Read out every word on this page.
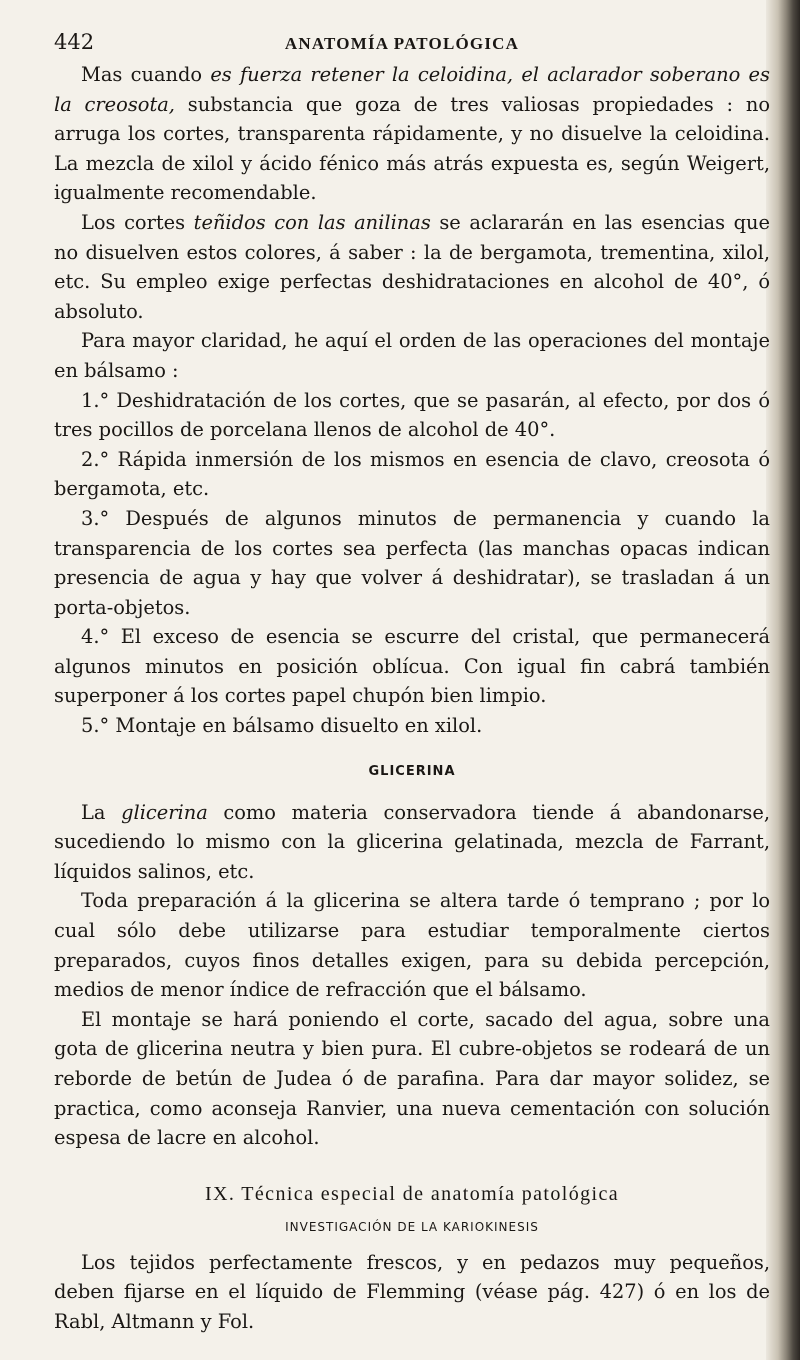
442	ANATOMÍA PATOLÓGICA

Mas cuando es fuerza retener la celoidina, el aclarador soberano es la creosota, substancia que goza de tres valiosas propiedades : no arruga los cortes, transparenta rápidamente, y no disuelve la celoidina. La mezcla de xilol y ácido fénico más atrás expuesta es, según Weigert, igualmente recomendable.

Los cortes teñidos con las anilinas se aclararán en las esencias que no disuelven estos colores, á saber : la de bergamota, trementina, xilol, etc. Su empleo exige perfectas deshidrataciones en alcohol de 40°, ó absoluto.

Para mayor claridad, he aquí el orden de las operaciones del montaje en bálsamo :

1.° Deshidratación de los cortes, que se pasarán, al efecto, por dos ó tres pocillos de porcelana llenos de alcohol de 40°.

2.° Rápida inmersión de los mismos en esencia de clavo, creosota ó bergamota, etc.

3.° Después de algunos minutos de permanencia y cuando la transparencia de los cortes sea perfecta (las manchas opacas indican presencia de agua y hay que volver á deshidratar), se trasladan á un porta-objetos.

4.° El exceso de esencia se escurre del cristal, que permanecerá algunos minutos en posición oblícua. Con igual fin cabrá también superponer á los cortes papel chupón bien limpio.

5.° Montaje en bálsamo disuelto en xilol.

GLICERINA

La glicerina como materia conservadora tiende á abandonarse, sucediendo lo mismo con la glicerina gelatinada, mezcla de Farrant, líquidos salinos, etc.

Toda preparación á la glicerina se altera tarde ó temprano ; por lo cual sólo debe utilizarse para estudiar temporalmente ciertos preparados, cuyos finos detalles exigen, para su debida percepción, medios de menor índice de refracción que el bálsamo.

El montaje se hará poniendo el corte, sacado del agua, sobre una gota de glicerina neutra y bien pura. El cubre-objetos se rodeará de un reborde de betún de Judea ó de parafina. Para dar mayor solidez, se practica, como aconseja Ranvier, una nueva cementación con solución espesa de lacre en alcohol.

IX. Técnica especial de anatomía patológica
INVESTIGACIÓN DE LA KARIOKINESIS

Los tejidos perfectamente frescos, y en pedazos muy pequeños, deben fijarse en el líquido de Flemming (véase pág. 427) ó en los de Rabl, Altmann y Fol.
